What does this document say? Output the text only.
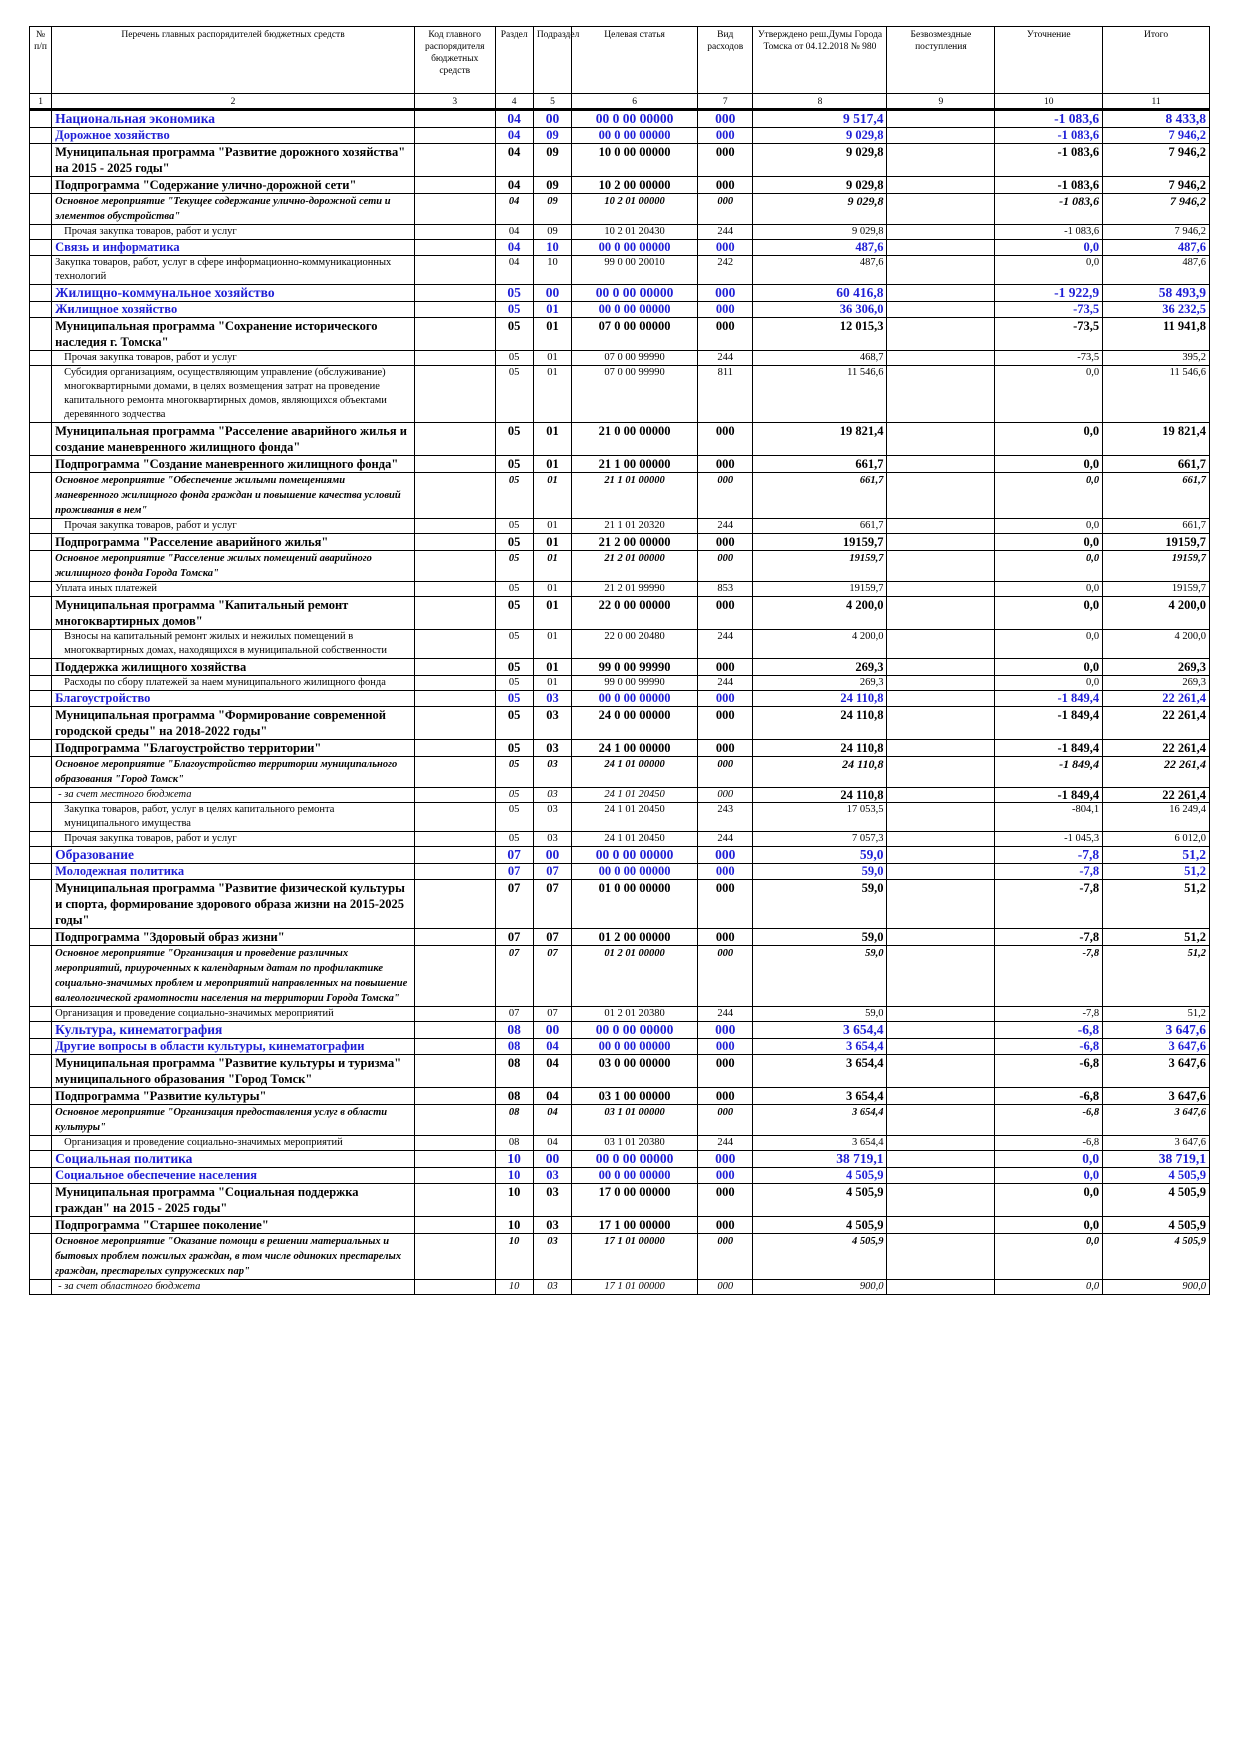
№ п/п	Перечень главных распорядителей бюджетных средств	Код главного распорядителя бюджетных средств	Раздел	Подраздел	Целевая статья	Вид расходов	Утверждено реш.Думы Города Томска от 04.12.2018 № 980	Безвозмездные поступления	Уточнение	Итого
1	2	3	4	5	6	7	8	9	10	11
	Национальная экономика		04	00	00 0 00 00000	000	9 517,4		-1 083,6	8 433,8
	Дорожное хозяйство		04	09	00 0 00 00000	000	9 029,8		-1 083,6	7 946,2
	Муниципальная программа "Развитие дорожного хозяйства" на 2015 - 2025 годы"		04	09	10 0 00 00000	000	9 029,8		-1 083,6	7 946,2
	Подпрограмма "Содержание улично-дорожной сети"		04	09	10 2 00 00000	000	9 029,8		-1 083,6	7 946,2
	Основное мероприятие "Текущее содержание улично-дорожной сети и элементов обустройства"		04	09	10 2 01 00000	000	9 029,8		-1 083,6	7 946,2
	Прочая закупка товаров, работ и услуг		04	09	10 2 01 20430	244	9 029,8		-1 083,6	7 946,2
	Связь и информатика		04	10	00 0 00 00000	000	487,6		0,0	487,6
	Закупка товаров, работ, услуг в сфере информационно-коммуникационных технологий		04	10	99 0 00 20010	242	487,6		0,0	487,6
	Жилищно-коммунальное хозяйство		05	00	00 0 00 00000	000	60 416,8		-1 922,9	58 493,9
	Жилищное хозяйство		05	01	00 0 00 00000	000	36 306,0		-73,5	36 232,5
	Муниципальная программа "Сохранение исторического наследия г. Томска"		05	01	07 0 00 00000	000	12 015,3		-73,5	11 941,8
	Прочая закупка товаров, работ и услуг		05	01	07 0 00 99990	244	468,7		-73,5	395,2
	Субсидия организациям, осуществляющим управление (обслуживание) многоквартирными домами, в целях возмещения затрат на проведение капитального ремонта многоквартирных домов, являющихся объектами деревянного зодчества		05	01	07 0 00 99990	811	11 546,6		0,0	11 546,6
	Муниципальная программа "Расселение аварийного жилья и создание маневренного жилищного фонда"		05	01	21 0 00 00000	000	19 821,4		0,0	19 821,4
	Подпрограмма "Создание маневренного жилищного фонда"		05	01	21 1 00 00000	000	661,7		0,0	661,7
	Основное мероприятие "Обеспечение жилыми помещениями маневренного жилищного фонда граждан и повышение качества условий проживания в нем"		05	01	21 1 01 00000	000	661,7		0,0	661,7
	Прочая закупка товаров, работ и услуг		05	01	21 1 01 20320	244	661,7		0,0	661,7
	Подпрограмма "Расселение аварийного жилья"		05	01	21 2 00 00000	000	19159,7		0,0	19159,7
	Основное мероприятие "Расселение жилых помещений аварийного жилищного фонда Города Томска"		05	01	21 2 01 00000	000	19159,7		0,0	19159,7
	Уплата иных платежей		05	01	21 2 01 99990	853	19159,7		0,0	19159,7
	Муниципальная программа "Капитальный ремонт многоквартирных домов"		05	01	22 0 00 00000	000	4 200,0		0,0	4 200,0
	Взносы на капитальный ремонт жилых и нежилых помещений в многоквартирных домах, находящихся в муниципальной собственности		05	01	22 0 00 20480	244	4 200,0		0,0	4 200,0
	Поддержка жилищного хозяйства		05	01	99 0 00 99990	000	269,3		0,0	269,3
	Расходы по сбору платежей за наем муниципального жилищного фонда		05	01	99 0 00 99990	244	269,3		0,0	269,3
	Благоустройство		05	03	00 0 00 00000	000	24 110,8		-1 849,4	22 261,4
	Муниципальная программа "Формирование современной городской среды" на 2018-2022 годы"		05	03	24 0 00 00000	000	24 110,8		-1 849,4	22 261,4
	Подпрограмма "Благоустройство территории"		05	03	24 1 00 00000	000	24 110,8		-1 849,4	22 261,4
	Основное мероприятие "Благоустройство территории муниципального образования "Город Томск"		05	03	24 1 01 00000	000	24 110,8		-1 849,4	22 261,4
	- за счет местного бюджета		05	03	24 1 01 20450	000	24 110,8		-1 849,4	22 261,4
	Закупка товаров, работ, услуг в целях капитального ремонта муниципального имущества		05	03	24 1 01 20450	243	17 053,5		-804,1	16 249,4
	Прочая закупка товаров, работ и услуг		05	03	24 1 01 20450	244	7 057,3		-1 045,3	6 012,0
	Образование		07	00	00 0 00 00000	000	59,0		-7,8	51,2
	Молодежная политика		07	07	00 0 00 00000	000	59,0		-7,8	51,2
	Муниципальная программа "Развитие физической культуры и спорта, формирование здорового образа жизни на 2015-2025 годы"		07	07	01 0 00 00000	000	59,0		-7,8	51,2
	Подпрограмма "Здоровый образ жизни"		07	07	01 2 00 00000	000	59,0		-7,8	51,2
	Основное мероприятие "Организация и проведение различных мероприятий, приуроченных к календарным датам по профилактике социально-значимых проблем и мероприятий направленных на повышение валеологической грамотности населения на территории Города Томска"		07	07	01 2 01 00000	000	59,0		-7,8	51,2
	Организация и проведение социально-значимых мероприятий		07	07	01 2 01 20380	244	59,0		-7,8	51,2
	Культура, кинематография		08	00	00 0 00 00000	000	3 654,4		-6,8	3 647,6
	Другие вопросы в области культуры, кинематографии		08	04	00 0 00 00000	000	3 654,4		-6,8	3 647,6
	Муниципальная программа "Развитие культуры и туризма" муниципального образования "Город Томск"		08	04	03 0 00 00000	000	3 654,4		-6,8	3 647,6
	Подпрограмма "Развитие культуры"		08	04	03 1 00 00000	000	3 654,4		-6,8	3 647,6
	Основное мероприятие "Организация предоставления услуг в области культуры"		08	04	03 1 01 00000	000	3 654,4		-6,8	3 647,6
	Организация и проведение социально-значимых мероприятий		08	04	03 1 01 20380	244	3 654,4		-6,8	3 647,6
	Социальная политика		10	00	00 0 00 00000	000	38 719,1		0,0	38 719,1
	Социальное обеспечение населения		10	03	00 0 00 00000	000	4 505,9		0,0	4 505,9
	Муниципальная программа "Социальная поддержка граждан" на 2015 - 2025 годы"		10	03	17 0 00 00000	000	4 505,9		0,0	4 505,9
	Подпрограмма "Старшее поколение"		10	03	17 1 00 00000	000	4 505,9		0,0	4 505,9
	Основное мероприятие "Оказание помощи в решении материальных и бытовых проблем пожилых граждан, в том числе одиноких престарелых граждан, престарелых супружеских пар"		10	03	17 1 01 00000	000	4 505,9		0,0	4 505,9
	- за счет областного бюджета		10	03	17 1 01 00000	000	900,0		0,0	900,0
